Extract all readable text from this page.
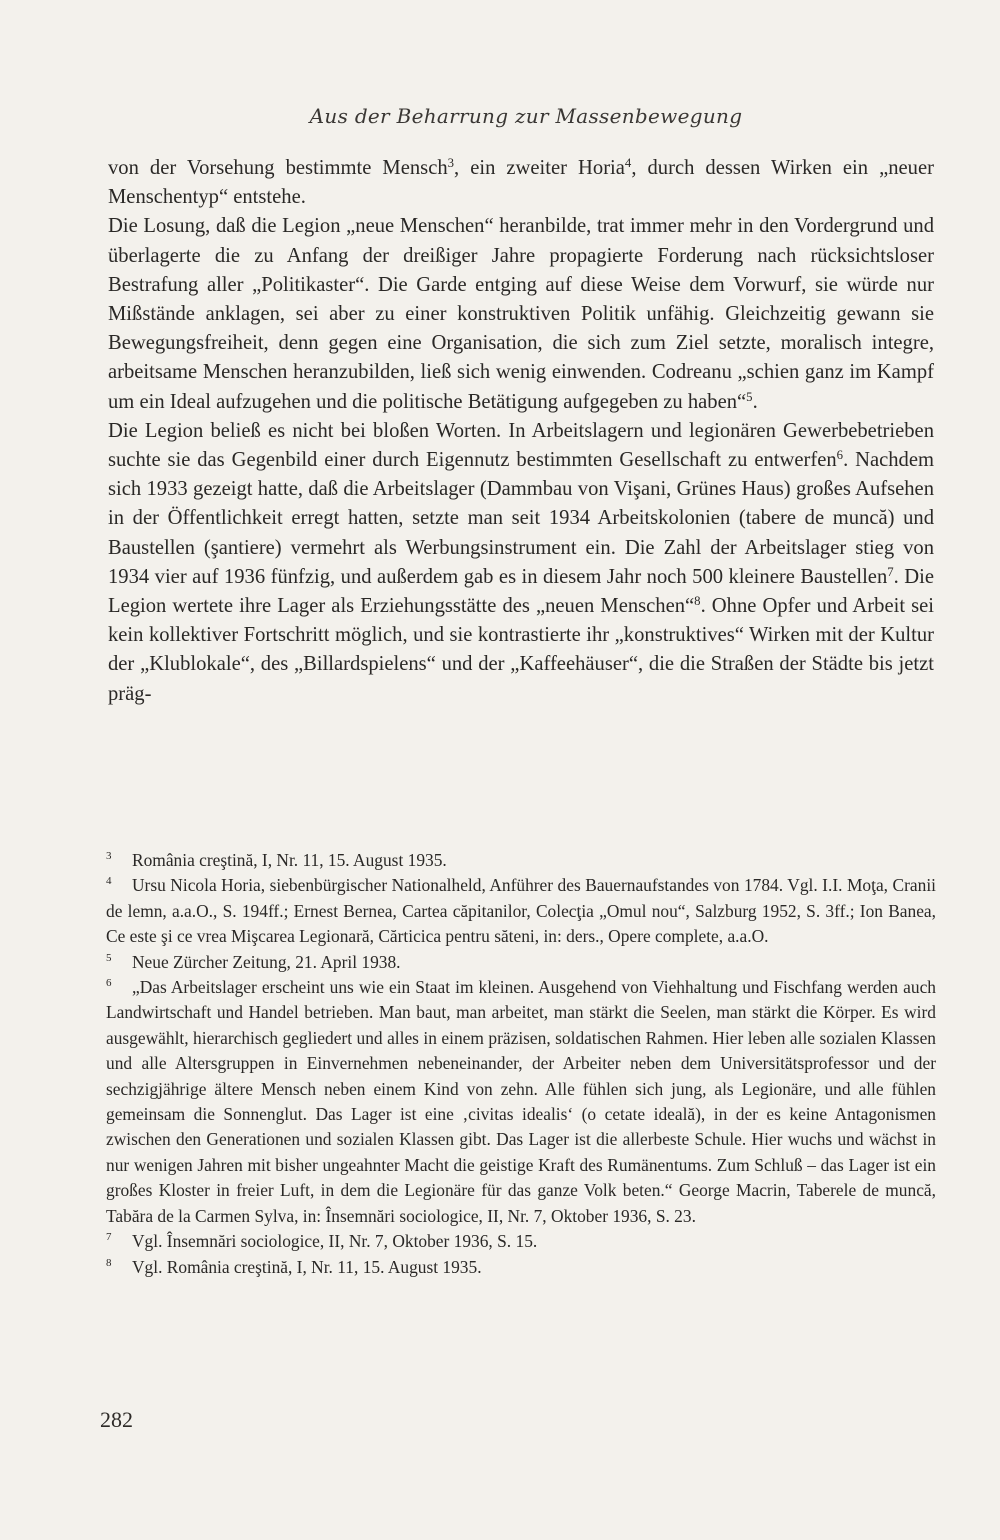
Aus der Beharrung zur Massenbewegung

von der Vorsehung bestimmte Mensch$^3$, ein zweiter Horia$^4$, durch dessen Wirken ein „neuer Menschentyp“ entstehe.

Die Losung, daß die Legion „neue Menschen“ heranbilde, trat immer mehr in den Vordergrund und überlagerte die zu Anfang der dreißiger Jahre propagierte Forderung nach rücksichtsloser Bestrafung aller „Politikaster“. Die Garde entging auf diese Weise dem Vorwurf, sie würde nur Mißstände anklagen, sei aber zu einer konstruktiven Politik unfähig. Gleichzeitig gewann sie Bewegungsfreiheit, denn gegen eine Organisation, die sich zum Ziel setzte, moralisch integre, arbeitsame Menschen heranzubilden, ließ sich wenig einwenden. Codreanu „schien ganz im Kampf um ein Ideal aufzugehen und die politische Betätigung aufgegeben zu haben“$^5$.

Die Legion beließ es nicht bei bloßen Worten. In Arbeitslagern und legionären Gewerbebetrieben suchte sie das Gegenbild einer durch Eigennutz bestimmten Gesellschaft zu entwerfen$^6$. Nachdem sich 1933 gezeigt hatte, daß die Arbeitslager (Dammbau von Vişani, Grünes Haus) großes Aufsehen in der Öffentlichkeit erregt hatten, setzte man seit 1934 Arbeitskolonien (tabere de muncă) und Baustellen (şantiere) vermehrt als Werbungsinstrument ein. Die Zahl der Arbeitslager stieg von 1934 vier auf 1936 fünfzig, und außerdem gab es in diesem Jahr noch 500 kleinere Baustellen$^7$. Die Legion wertete ihre Lager als Erziehungsstätte des „neuen Menschen“$^8$. Ohne Opfer und Arbeit sei kein kollektiver Fortschritt möglich, und sie kontrastierte ihr „konstruktives“ Wirken mit der Kultur der „Klublokale“, des „Billardspielens“ und der „Kaffeehäuser“, die die Straßen der Städte bis jetzt präg-

3 România creştină, I, Nr. 11, 15. August 1935.

4 Ursu Nicola Horia, siebenbürgischer Nationalheld, Anführer des Bauernaufstandes von 1784. Vgl. I.I. Moţa, Cranii de lemn, a.a.O., S. 194ff.; Ernest Bernea, Cartea căpitanilor, Colecţia „Omul nou“, Salzburg 1952, S. 3ff.; Ion Banea, Ce este şi ce vrea Mişcarea Legionară, Cărticica pentru săteni, in: ders., Opere complete, a.a.O.

5 Neue Zürcher Zeitung, 21. April 1938.

6 „Das Arbeitslager erscheint uns wie ein Staat im kleinen. Ausgehend von Viehhaltung und Fischfang werden auch Landwirtschaft und Handel betrieben. Man baut, man arbeitet, man stärkt die Seelen, man stärkt die Körper. Es wird ausgewählt, hierarchisch gegliedert und alles in einem präzisen, soldatischen Rahmen. Hier leben alle sozialen Klassen und alle Altersgruppen in Einvernehmen nebeneinander, der Arbeiter neben dem Universitätsprofessor und der sechzigjährige ältere Mensch neben einem Kind von zehn. Alle fühlen sich jung, als Legionäre, und alle fühlen gemeinsam die Sonnenglut. Das Lager ist eine ‚civitas idealis‘ (o cetate ideală), in der es keine Antagonismen zwischen den Generationen und sozialen Klassen gibt. Das Lager ist die allerbeste Schule. Hier wuchs und wächst in nur wenigen Jahren mit bisher ungeahnter Macht die geistige Kraft des Rumänentums. Zum Schluß – das Lager ist ein großes Kloster in freier Luft, in dem die Legionäre für das ganze Volk beten.“ George Macrin, Taberele de muncă, Tabăra de la Carmen Sylva, in: Însemnări sociologice, II, Nr. 7, Oktober 1936, S. 23.

7 Vgl. Însemnări sociologice, II, Nr. 7, Oktober 1936, S. 15.

8 Vgl. România creştină, I, Nr. 11, 15. August 1935.

282
